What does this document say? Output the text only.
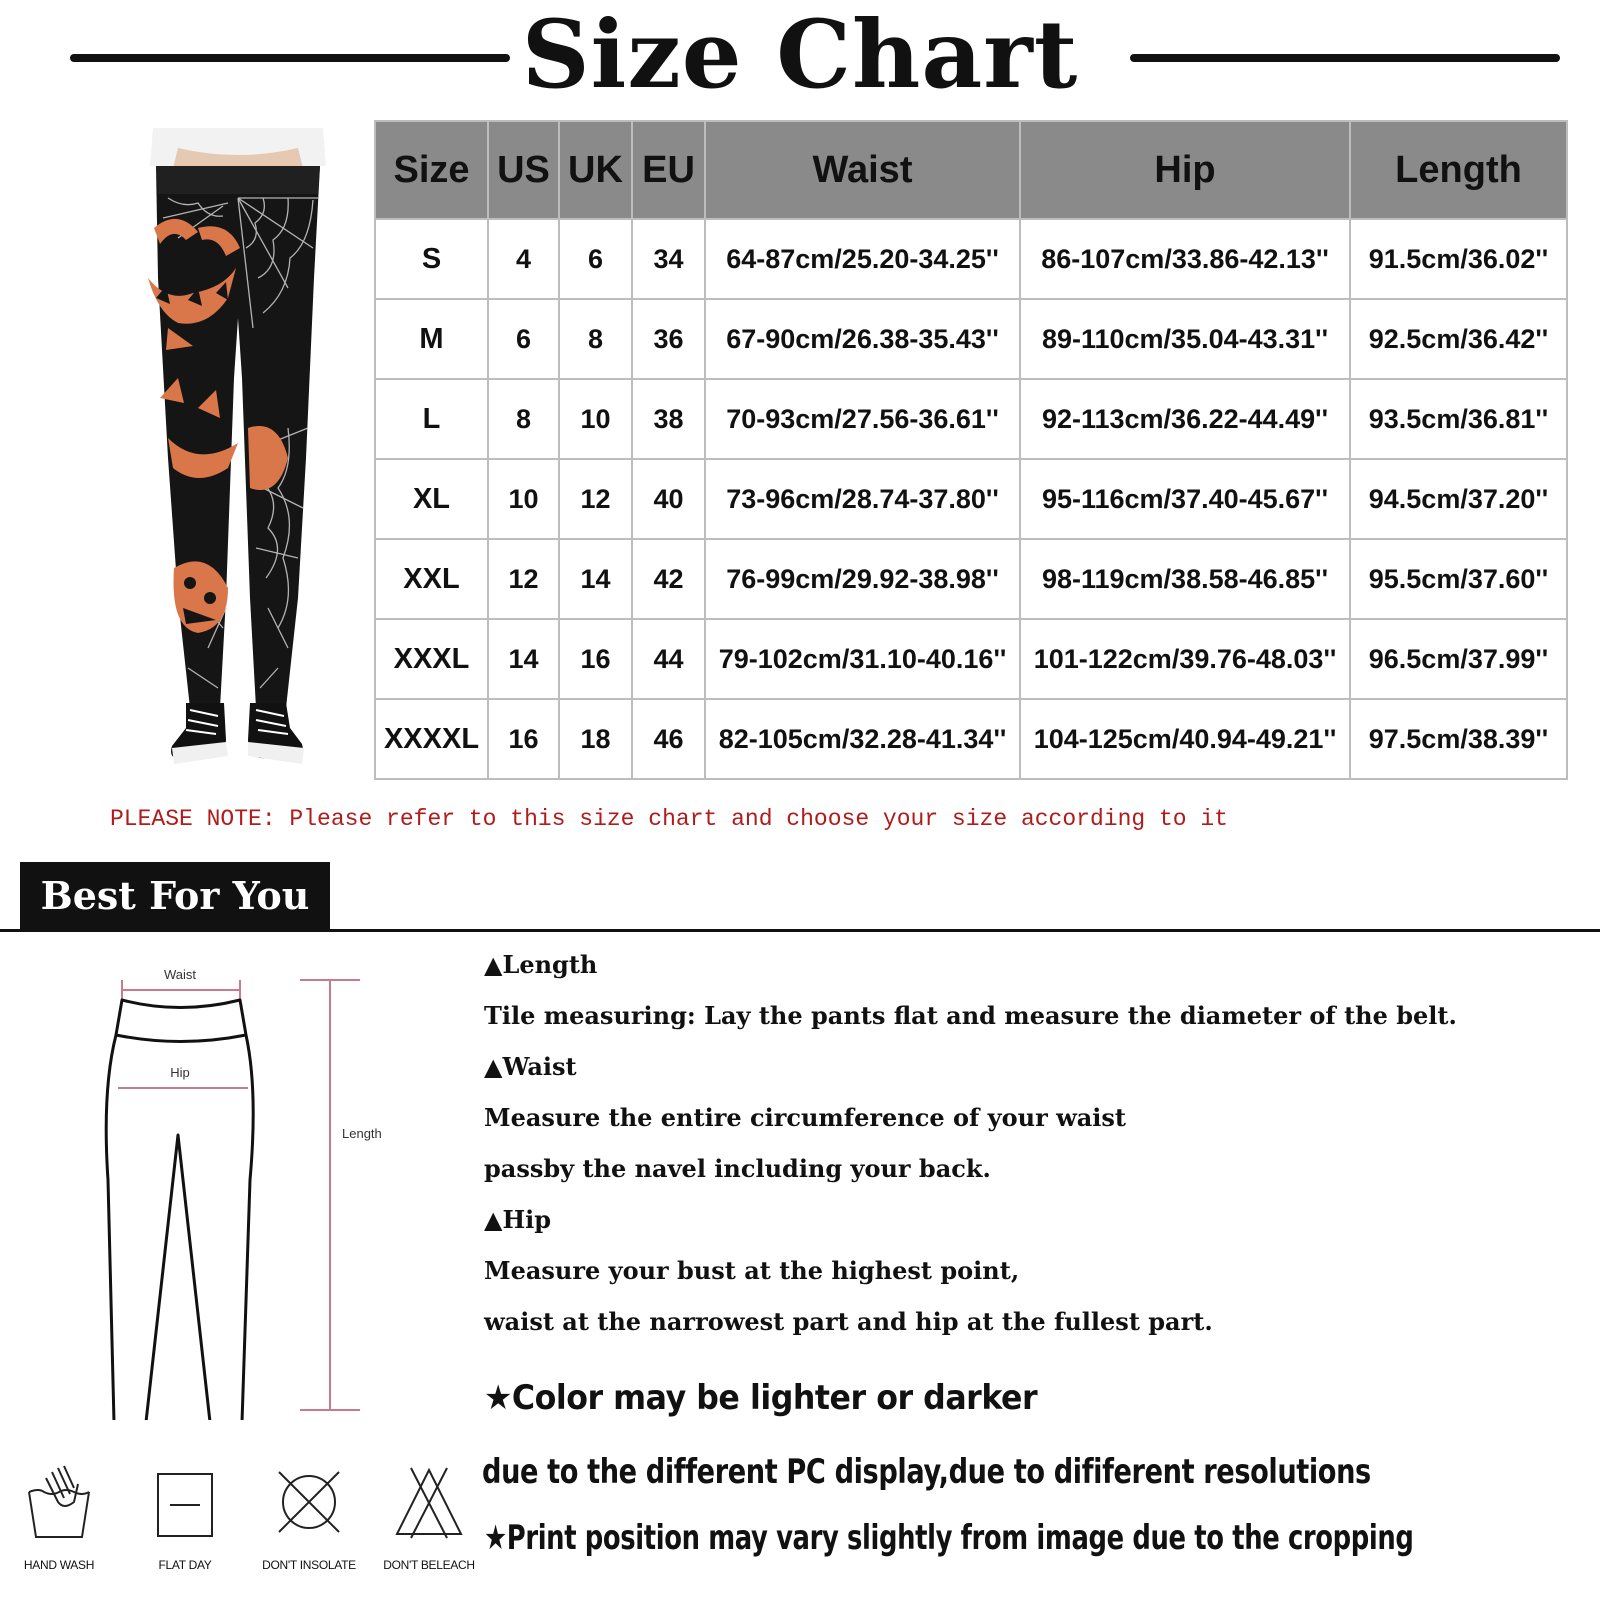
Size Chart
Size	US	UK	EU	Waist	Hip	Length
S	4	6	34	64-87cm/25.20-34.25''	86-107cm/33.86-42.13''	91.5cm/36.02''
M	6	8	36	67-90cm/26.38-35.43''	89-110cm/35.04-43.31''	92.5cm/36.42''
L	8	10	38	70-93cm/27.56-36.61''	92-113cm/36.22-44.49''	93.5cm/36.81''
XL	10	12	40	73-96cm/28.74-37.80''	95-116cm/37.40-45.67''	94.5cm/37.20''
XXL	12	14	42	76-99cm/29.92-38.98''	98-119cm/38.58-46.85''	95.5cm/37.60''
XXXL	14	16	44	79-102cm/31.10-40.16''	101-122cm/39.76-48.03''	96.5cm/37.99''
XXXXL	16	18	46	82-105cm/32.28-41.34''	104-125cm/40.94-49.21''	97.5cm/38.39''
PLEASE NOTE: Please refer to this size chart and choose your size according to it
Best For You
Waist
Hip
Length
▲Length
Tile measuring: Lay the pants flat and measure the diameter of the belt.
▲Waist
Measure the entire circumference of your waist
passby the navel including your back.
▲Hip
Measure your bust at the highest point,
waist at the narrowest part and hip at the fullest part.
★Color may be lighter or darker
due to the different PC display,due to dififerent resolutions
★Print position may vary slightly from image due to the cropping
HAND WASH	FLAT DAY	DON'T INSOLATE	DON'T BELEACH
